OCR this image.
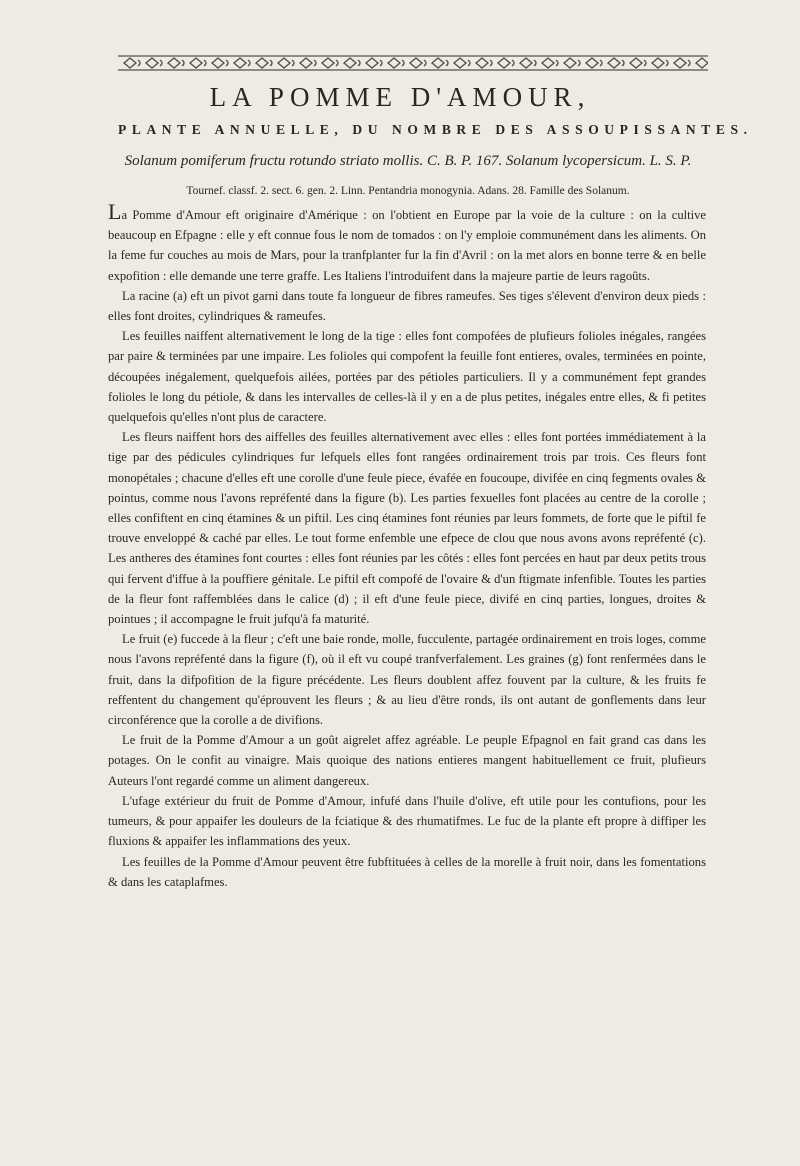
LA POMME D'AMOUR,
PLANTE ANNUELLE, DU NOMBRE DES ASSOUPISSANTES.
Solanum pomiferum fructu rotundo striato mollis. C. B. P. 167. Solanum lycopersicum. L. S. P.
Tournef. classf. 2. sect. 6. gen. 2. Linn. Pentandria monogynia. Adans. 28. Famille des Solanum.

La Pomme d'Amour eft originaire d'Amérique : on l'obtient en Europe par la voie de la culture : on la cultive beaucoup en Efpagne : elle y eft connue fous le nom de tomados : on l'y emploie communément dans les aliments. On la feme fur couches au mois de Mars, pour la tranfplanter fur la fin d'Avril : on la met alors en bonne terre & en belle expofition : elle demande une terre graffe. Les Italiens l'introduifent dans la majeure partie de leurs ragoûts.

La racine (a) eft un pivot garni dans toute fa longueur de fibres rameufes. Ses tiges s'élevent d'environ deux pieds : elles font droites, cylindriques & rameufes.

Les feuilles naiffent alternativement le long de la tige : elles font compofées de plufieurs folioles inégales, rangées par paire & terminées par une impaire. Les folioles qui compofent la feuille font entieres, ovales, terminées en pointe, découpées inégalement, quelquefois ailées, portées par des pétioles particuliers. Il y a communément fept grandes folioles le long du pétiole, & dans les intervalles de celles-là il y en a de plus petites, inégales entre elles, & fi petites quelquefois qu'elles n'ont plus de caractere.

Les fleurs naiffent hors des aiffelles des feuilles alternativement avec elles : elles font portées immédiatement à la tige par des pédicules cylindriques fur lefquels elles font rangées ordinairement trois par trois. Ces fleurs font monopétales ; chacune d'elles eft une corolle d'une feule piece, évafée en foucoupe, divifée en cinq fegments ovales & pointus, comme nous l'avons repréfenté dans la figure (b). Les parties fexuelles font placées au centre de la corolle ; elles confiftent en cinq étamines & un piftil. Les cinq étamines font réunies par leurs fommets, de forte que le piftil fe trouve enveloppé & caché par elles. Le tout forme enfemble une efpece de clou que nous avons avons repréfenté (c). Les antheres des étamines font courtes : elles font réunies par les côtés : elles font percées en haut par deux petits trous qui fervent d'iffue à la pouffiere génitale. Le piftil eft compofé de l'ovaire & d'un ftigmate infenfible. Toutes les parties de la fleur font raffemblées dans le calice (d) ; il eft d'une feule piece, divifé en cinq parties, longues, droites & pointues ; il accompagne le fruit jufqu'à fa maturité.

Le fruit (e) fuccede à la fleur ; c'eft une baie ronde, molle, fucculente, partagée ordinairement en trois loges, comme nous l'avons repréfenté dans la figure (f), où il eft vu coupé tranfverfalement. Les graines (g) font renfermées dans le fruit, dans la difpofition de la figure précédente. Les fleurs doublent affez fouvent par la culture, & les fruits fe reffentent du changement qu'éprouvent les fleurs ; & au lieu d'être ronds, ils ont autant de gonflements dans leur circonférence que la corolle a de divifions.

Le fruit de la Pomme d'Amour a un goût aigrelet affez agréable. Le peuple Efpagnol en fait grand cas dans les potages. On le confit au vinaigre. Mais quoique des nations entieres mangent habituellement ce fruit, plufieurs Auteurs l'ont regardé comme un aliment dangereux.

L'ufage extérieur du fruit de Pomme d'Amour, infufé dans l'huile d'olive, eft utile pour les contufions, pour les tumeurs, & pour appaifer les douleurs de la fciatique & des rhumatifmes. Le fuc de la plante eft propre à diffiper les fluxions & appaifer les inflammations des yeux.

Les feuilles de la Pomme d'Amour peuvent être fubftituées à celles de la morelle à fruit noir, dans les fomentations & dans les cataplafmes.
